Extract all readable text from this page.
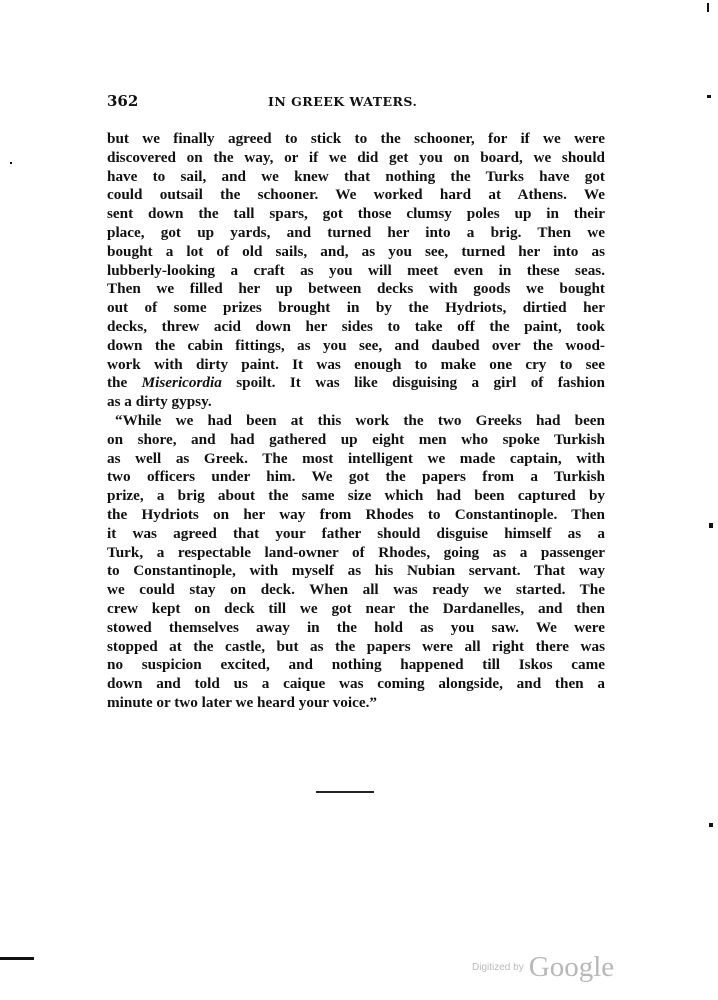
362	IN GREEK WATERS.
but we finally agreed to stick to the schooner, for if we were
discovered on the way, or if we did get you on board, we should
have to sail, and we knew that nothing the Turks have got
could outsail the schooner. We worked hard at Athens. We
sent down the tall spars, got those clumsy poles up in their
place, got up yards, and turned her into a brig. Then we
bought a lot of old sails, and, as you see, turned her into as
lubberly-looking a craft as you will meet even in these seas.
Then we filled her up between decks with goods we bought
out of some prizes brought in by the Hydriots, dirtied her
decks, threw acid down her sides to take off the paint, took
down the cabin fittings, as you see, and daubed over the wood-
work with dirty paint. It was enough to make one cry to see
the Misericordia spoilt. It was like disguising a girl of fashion
as a dirty gypsy.
“While we had been at this work the two Greeks had been
on shore, and had gathered up eight men who spoke Turkish
as well as Greek. The most intelligent we made captain, with
two officers under him. We got the papers from a Turkish
prize, a brig about the same size which had been captured by
the Hydriots on her way from Rhodes to Constantinople. Then
it was agreed that your father should disguise himself as a
Turk, a respectable land-owner of Rhodes, going as a passenger
to Constantinople, with myself as his Nubian servant. That way
we could stay on deck. When all was ready we started. The
crew kept on deck till we got near the Dardanelles, and then
stowed themselves away in the hold as you saw. We were
stopped at the castle, but as the papers were all right there was
no suspicion excited, and nothing happened till Iskos came
down and told us a caique was coming alongside, and then a
minute or two later we heard your voice.”
Digitized by Google
